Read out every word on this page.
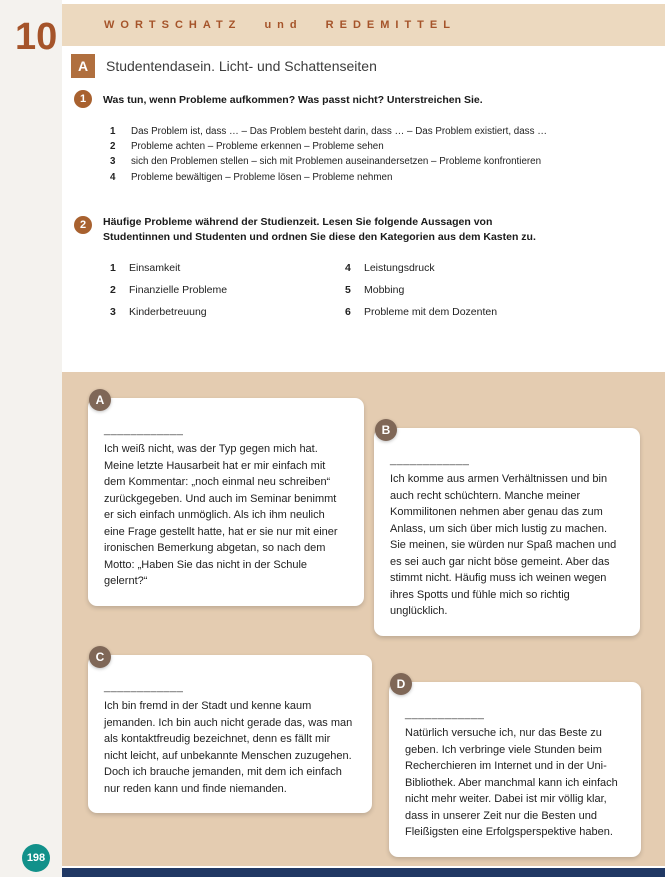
WORTSCHATZ und REDEMITTEL
10
A	Studentendasein. Licht- und Schattenseiten
1	Was tun, wenn Probleme aufkommen? Was passt nicht? Unterstreichen Sie.

1	Das Problem ist, dass … – Das Problem besteht darin, dass … – Das Problem existiert, dass …
2	Probleme achten – Probleme erkennen – Probleme sehen
3	sich den Problemen stellen – sich mit Problemen auseinandersetzen – Probleme konfrontieren
4	Probleme bewältigen – Probleme lösen – Probleme nehmen
2	Häufige Probleme während der Studienzeit. Lesen Sie folgende Aussagen von Studentinnen und Studenten und ordnen Sie diese den Kategorien aus dem Kasten zu.

1	Einsamkeit
2	Finanzielle Probleme
3	Kinderbetreuung
4	Leistungsdruck
5	Mobbing
6	Probleme mit dem Dozenten
A
____________

Ich weiß nicht, was der Typ gegen mich hat. Meine letzte Hausarbeit hat er mir einfach mit dem Kommentar: „noch einmal neu schreiben“ zurückgegeben. Und auch im Seminar benimmt er sich einfach unmöglich. Als ich ihm neulich eine Frage gestellt hatte, hat er sie nur mit einer ironischen Bemerkung abgetan, so nach dem Motto: „Haben Sie das nicht in der Schule gelernt?“

B
____________

Ich komme aus armen Verhältnissen und bin auch recht schüchtern. Manche meiner Kommilitonen nehmen aber genau das zum Anlass, um sich über mich lustig zu machen. Sie meinen, sie würden nur Spaß machen und es sei auch gar nicht böse gemeint. Aber das stimmt nicht. Häufig muss ich weinen wegen ihres Spotts und fühle mich so richtig unglücklich.

C
____________

Ich bin fremd in der Stadt und kenne kaum jemanden. Ich bin auch nicht gerade das, was man als kontaktfreudig bezeichnet, denn es fällt mir nicht leicht, auf unbekannte Menschen zuzugehen. Doch ich brauche jemanden, mit dem ich einfach nur reden kann und finde niemanden.

D
____________

Natürlich versuche ich, nur das Beste zu geben. Ich verbringe viele Stunden beim Recherchieren im Internet und in der Uni-Bibliothek. Aber manchmal kann ich einfach nicht mehr weiter. Dabei ist mir völlig klar, dass in unserer Zeit nur die Besten und Fleißigsten eine Erfolgsperspektive haben.

198
